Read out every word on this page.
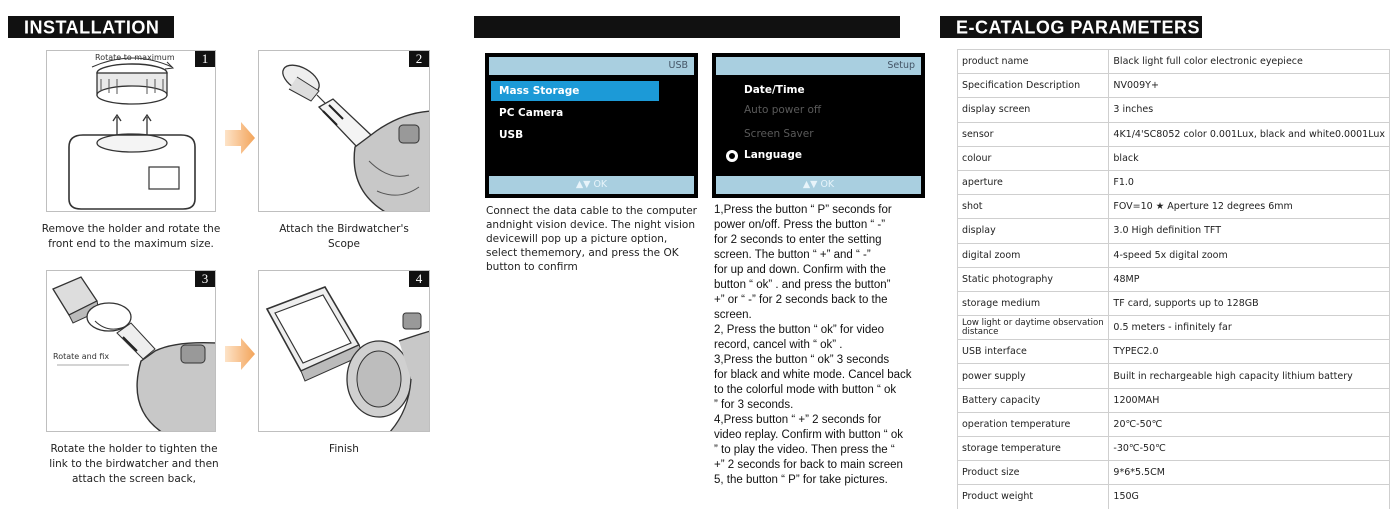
INSTALLATION
1
Rotate to maximum
Remove the holder and rotate the
front end to the maximum size.
2
Attach the Birdwatcher's
Scope
3
Rotate and fix
Rotate the holder to tighten the
link to the birdwatcher and then
attach the screen back,
4
Finish
USB
Mass Storage
PC Camera
USB
▲▼ OK
Setup
Date/Time
Auto power off
Screen Saver
Language
▲▼ OK
Connect the data cable to the computer
andnight vision device. The night vision
devicewill pop up a picture option,
select thememory, and press the OK
button to confirm

1,Press the button “ P” seconds for

power on/off. Press the button “ -”

for 2 seconds to enter the setting

screen. The button “ +” and “ -”

for up and down. Confirm with the

button “ ok” . and press the button”

+” or “ -” for 2 seconds back to the

screen.

2, Press the button “ ok” for video

record, cancel with “ ok” .

3,Press the button “ ok” 3 seconds

for black and white mode. Cancel back

to the colorful mode with button “ ok

” for 3 seconds.

4,Press button “ +” 2 seconds for

video replay. Confirm with button “ ok

” to play the video. Then press the “

+” 2 seconds for back to main screen

5, the button “ P” for take pictures.

E-CATALOG PARAMETERS
product name	Black light full color electronic eyepiece
Specification Description	NV009Y+
display screen	3 inches
sensor	4K1/4'SC8052 color 0.001Lux, black and white0.0001Lux
colour	black
aperture	F1.0
shot	FOV=10 ★ Aperture 12 degrees 6mm
display	3.0 High definition TFT
digital zoom	4-speed 5x digital zoom
Static photography	48MP
storage medium	TF card, supports up to 128GB
Low light or daytime observation distance	0.5 meters - infinitely far
USB interface	TYPEC2.0
power supply	Built in rechargeable high capacity lithium battery
Battery capacity	1200MAH
operation temperature	20℃-50℃
storage temperature	-30℃-50℃
Product size	9*6*5.5CM
Product weight	150G
